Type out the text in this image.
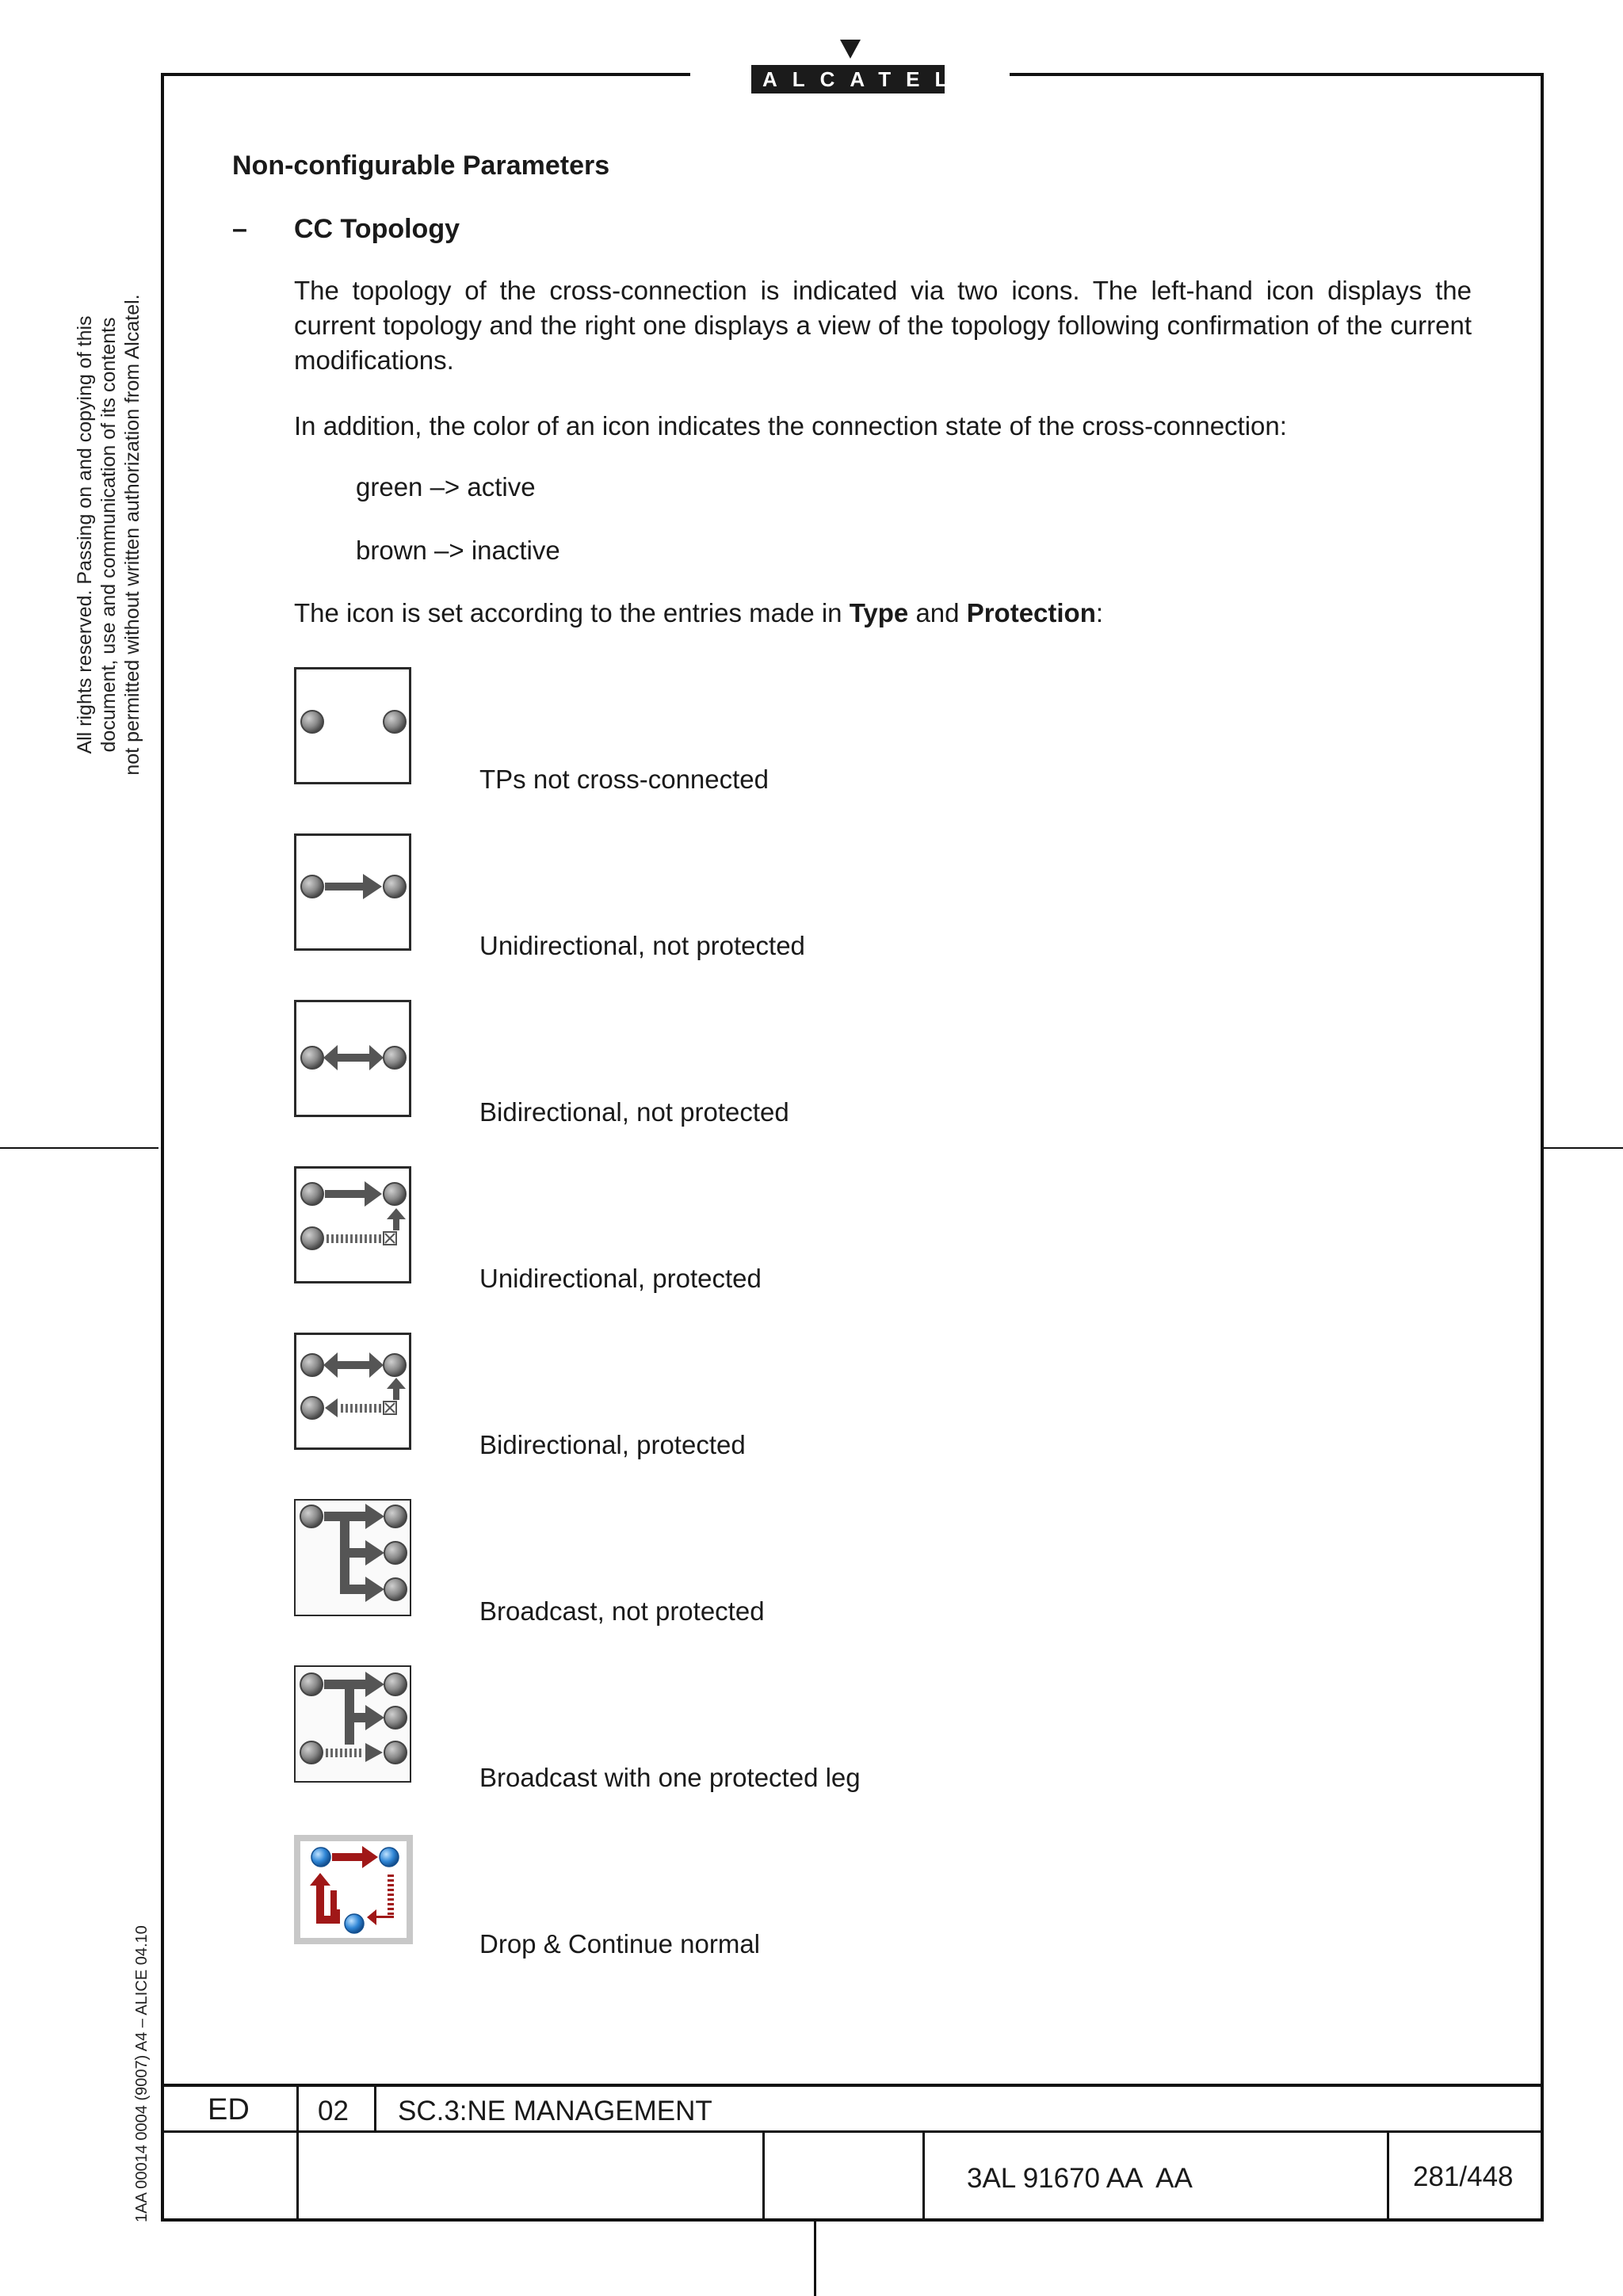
ALCATEL
All rights reserved. Passing on and copying of this document, use and communication of its contents not permitted without written authorization from Alcatel.
1AA 00014 0004 (9007) A4 – ALICE 04.10
Non-configurable Parameters
– CC Topology
The topology of the cross-connection is indicated via two icons. The left-hand icon displays the current topology and the right one displays a view of the topology following confirmation of the current modifications.
In addition, the color of an icon indicates the connection state of the cross-connection:
green –> active
brown –> inactive
The icon is set according to the entries made in Type and Protection:
TPs not cross-connected
Unidirectional, not protected
Bidirectional, not protected
Unidirectional, protected
Bidirectional, protected
Broadcast, not protected
Broadcast with one protected leg
Drop & Continue normal
ED 02 SC.3:NE MANAGEMENT
3AL 91670 AA  AA	281/448
